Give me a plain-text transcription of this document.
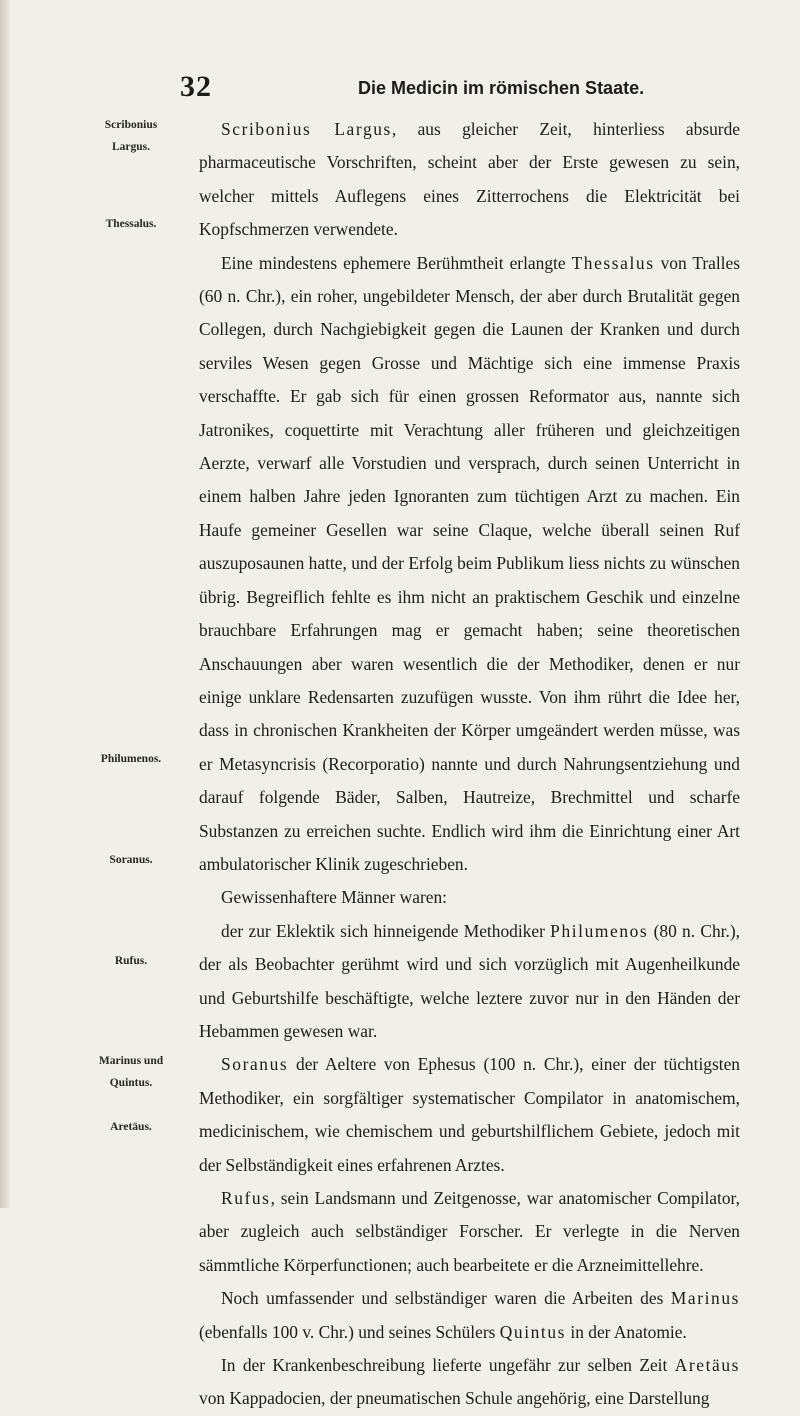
32	Die Medicin im römischen Staate.
Scribonius
Largus.
Thessalus.
Philumenos.
Soranus.
Rufus.
Marinus und
Quintus.
Aretäus.

Scribonius Largus, aus gleicher Zeit, hinterliess absurde pharmaceutische Vorschriften, scheint aber der Erste gewesen zu sein, welcher mittels Auflegens eines Zitterrochens die Elektricität bei Kopfschmerzen verwendete.

Eine mindestens ephemere Berühmtheit erlangte Thessalus von Tralles (60 n. Chr.), ein roher, ungebildeter Mensch, der aber durch Brutalität gegen Collegen, durch Nachgiebigkeit gegen die Launen der Kranken und durch serviles Wesen gegen Grosse und Mächtige sich eine immense Praxis verschaffte. Er gab sich für einen grossen Reformator aus, nannte sich Jatronikes, coquettirte mit Verachtung aller früheren und gleichzeitigen Aerzte, verwarf alle Vorstudien und versprach, durch seinen Unterricht in einem halben Jahre jeden Ignoranten zum tüchtigen Arzt zu machen. Ein Haufe gemeiner Gesellen war seine Claque, welche überall seinen Ruf auszuposaunen hatte, und der Erfolg beim Publikum liess nichts zu wünschen übrig. Begreiflich fehlte es ihm nicht an praktischem Geschik und einzelne brauchbare Erfahrungen mag er gemacht haben; seine theoretischen Anschauungen aber waren wesentlich die der Methodiker, denen er nur einige unklare Redensarten zuzufügen wusste. Von ihm rührt die Idee her, dass in chronischen Krankheiten der Körper umgeändert werden müsse, was er Metasyncrisis (Recorporatio) nannte und durch Nahrungsentziehung und darauf folgende Bäder, Salben, Hautreize, Brechmittel und scharfe Substanzen zu erreichen suchte. Endlich wird ihm die Einrichtung einer Art ambulatorischer Klinik zugeschrieben.

Gewissenhaftere Männer waren:

der zur Eklektik sich hinneigende Methodiker Philumenos (80 n. Chr.), der als Beobachter gerühmt wird und sich vorzüglich mit Augenheilkunde und Geburtshilfe beschäftigte, welche leztere zuvor nur in den Händen der Hebammen gewesen war.

Soranus der Aeltere von Ephesus (100 n. Chr.), einer der tüchtigsten Methodiker, ein sorgfältiger systematischer Compilator in anatomischem, medicinischem, wie chemischem und geburtshilflichem Gebiete, jedoch mit der Selbständigkeit eines erfahrenen Arztes.

Rufus, sein Landsmann und Zeitgenosse, war anatomischer Compilator, aber zugleich auch selbständiger Forscher. Er verlegte in die Nerven sämmtliche Körperfunctionen; auch bearbeitete er die Arzneimittellehre.

Noch umfassender und selbständiger waren die Arbeiten des Marinus (ebenfalls 100 v. Chr.) und seines Schülers Quintus in der Anatomie.

In der Krankenbeschreibung lieferte ungefähr zur selben Zeit Aretäus von Kappadocien, der pneumatischen Schule angehörig, eine Darstellung
